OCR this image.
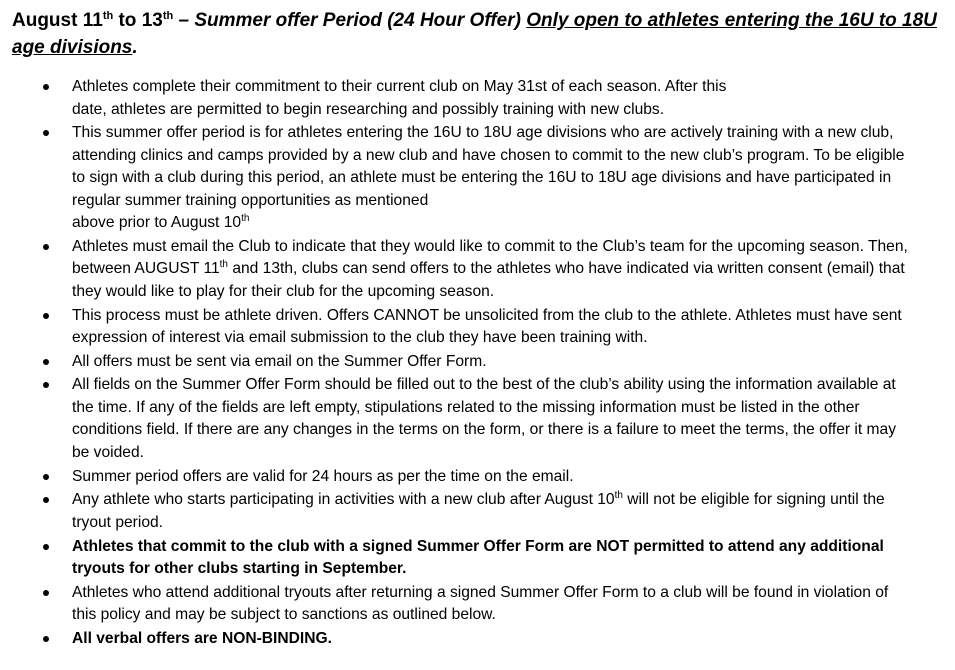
August 11th to 13th – Summer offer Period (24 Hour Offer) Only open to athletes entering the 16U to 18U age divisions.

Athletes complete their commitment to their current club on May 31st of each season. After this
date, athletes are permitted to begin researching and possibly training with new clubs.
This summer offer period is for athletes entering the 16U to 18U age divisions who are actively training with a new club, attending clinics and camps provided by a new club and have chosen to commit to the new club’s program. To be eligible to sign with a club during this period, an athlete must be entering the 16U to 18U age divisions and have participated in regular summer training opportunities as mentioned
above prior to August 10th
Athletes must email the Club to indicate that they would like to commit to the Club’s team for the upcoming season. Then, between AUGUST 11th and 13th, clubs can send offers to the athletes who have indicated via written consent (email) that they would like to play for their club for the upcoming season.
This process must be athlete driven. Offers CANNOT be unsolicited from the club to the athlete. Athletes must have sent expression of interest via email submission to the club they have been training with.
All offers must be sent via email on the Summer Offer Form.
All fields on the Summer Offer Form should be filled out to the best of the club’s ability using the information available at the time. If any of the fields are left empty, stipulations related to the missing information must be listed in the other conditions field. If there are any changes in the terms on the form, or there is a failure to meet the terms, the offer it may be voided.
Summer period offers are valid for 24 hours as per the time on the email.
Any athlete who starts participating in activities with a new club after August 10th will not be eligible for signing until the tryout period.
Athletes that commit to the club with a signed Summer Offer Form are NOT permitted to attend any additional tryouts for other clubs starting in September.
Athletes who attend additional tryouts after returning a signed Summer Offer Form to a club will be found in violation of this policy and may be subject to sanctions as outlined below.
All verbal offers are NON-BINDING.
